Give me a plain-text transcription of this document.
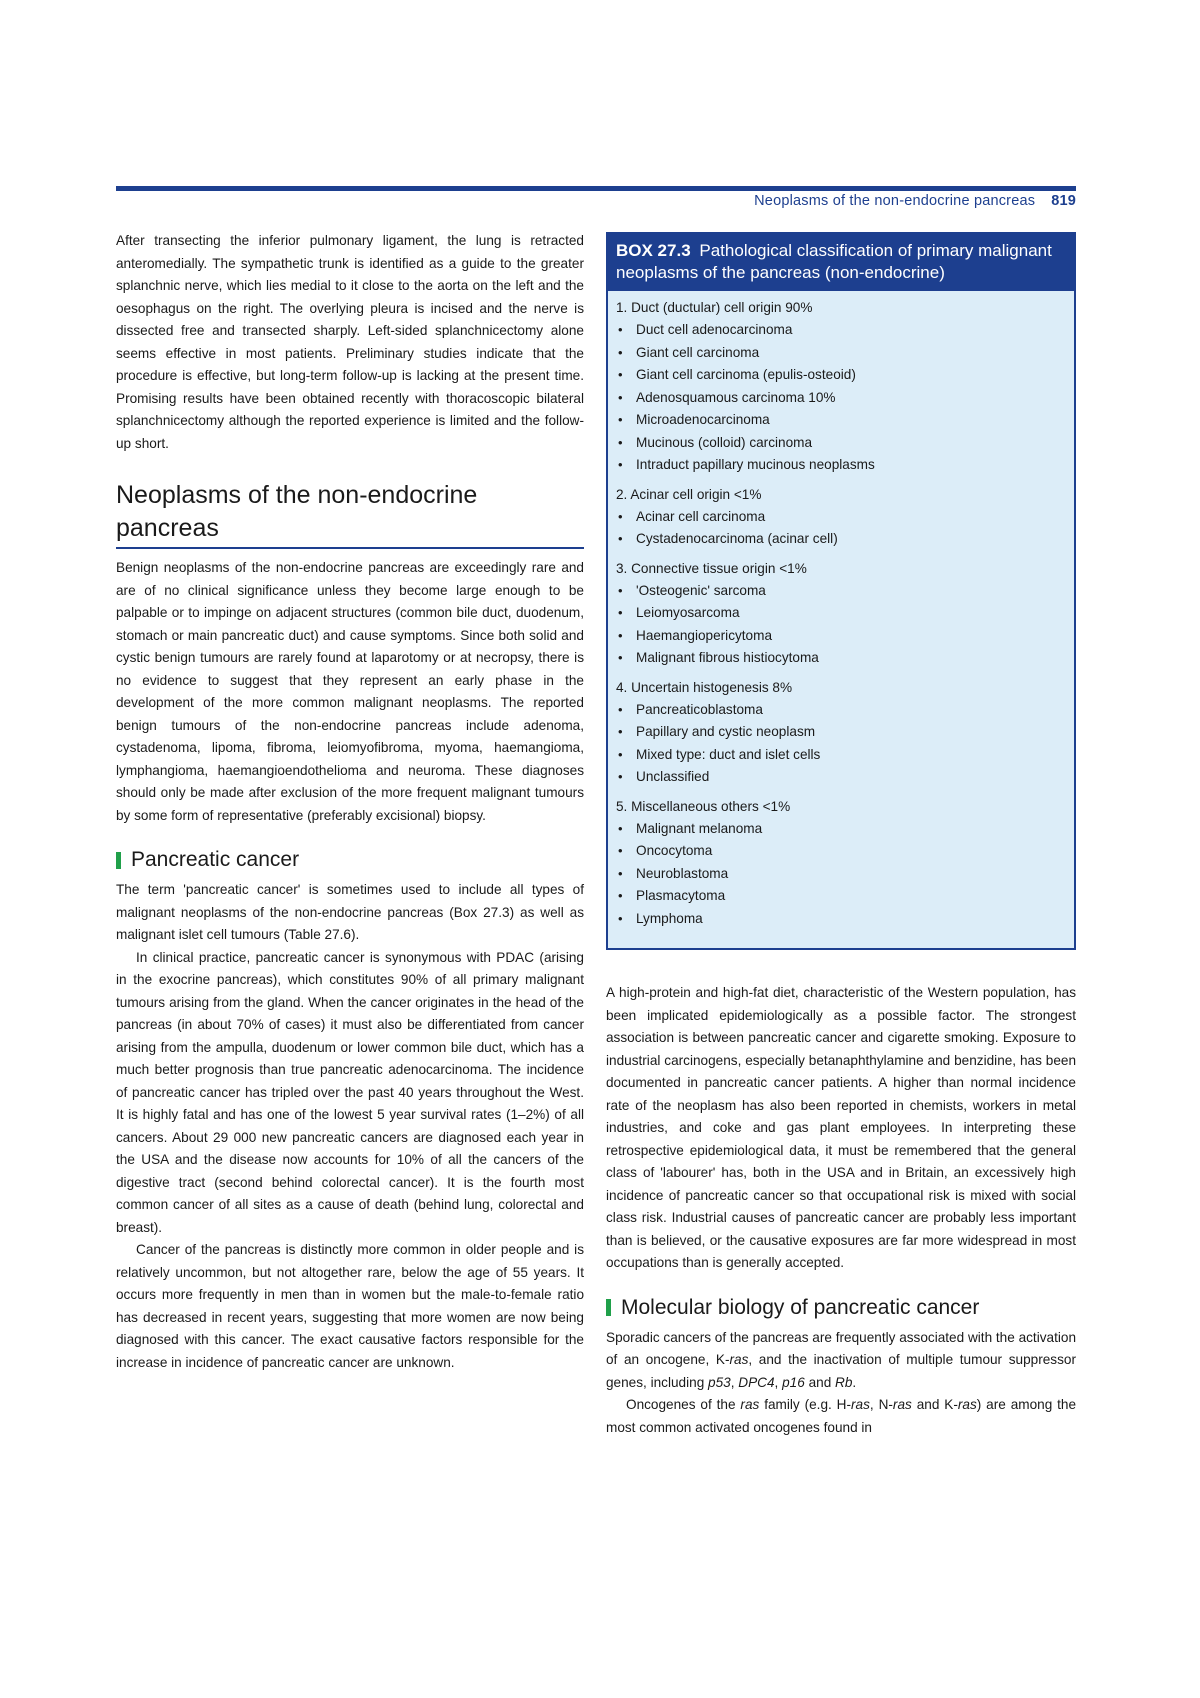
Neoplasms of the non-endocrine pancreas 819

After transecting the inferior pulmonary ligament, the lung is retracted anteromedially. The sympathetic trunk is identified as a guide to the greater splanchnic nerve, which lies medial to it close to the aorta on the left and the oesophagus on the right. The overlying pleura is incised and the nerve is dissected free and transected sharply. Left-sided splanchnicectomy alone seems effective in most patients. Preliminary studies indicate that the procedure is effective, but long-term follow-up is lacking at the present time. Promising results have been obtained recently with thoracoscopic bilateral splanchnicectomy although the reported experience is limited and the follow-up short.

Neoplasms of the non-endocrine pancreas

Benign neoplasms of the non-endocrine pancreas are exceedingly rare and are of no clinical significance unless they become large enough to be palpable or to impinge on adjacent structures (common bile duct, duodenum, stomach or main pancreatic duct) and cause symptoms. Since both solid and cystic benign tumours are rarely found at laparotomy or at necropsy, there is no evidence to suggest that they represent an early phase in the development of the more common malignant neoplasms. The reported benign tumours of the non-endocrine pancreas include adenoma, cystadenoma, lipoma, fibroma, leiomyofibroma, myoma, haemangioma, lymphangioma, haemangioendothelioma and neuroma. These diagnoses should only be made after exclusion of the more frequent malignant tumours by some form of representative (preferably excisional) biopsy.

Pancreatic cancer

The term 'pancreatic cancer' is sometimes used to include all types of malignant neoplasms of the non-endocrine pancreas (Box 27.3) as well as malignant islet cell tumours (Table 27.6).

In clinical practice, pancreatic cancer is synonymous with PDAC (arising in the exocrine pancreas), which constitutes 90% of all primary malignant tumours arising from the gland. When the cancer originates in the head of the pancreas (in about 70% of cases) it must also be differentiated from cancer arising from the ampulla, duodenum or lower common bile duct, which has a much better prognosis than true pancreatic adenocarcinoma. The incidence of pancreatic cancer has tripled over the past 40 years throughout the West. It is highly fatal and has one of the lowest 5 year survival rates (1–2%) of all cancers. About 29 000 new pancreatic cancers are diagnosed each year in the USA and the disease now accounts for 10% of all the cancers of the digestive tract (second behind colorectal cancer). It is the fourth most common cancer of all sites as a cause of death (behind lung, colorectal and breast).

Cancer of the pancreas is distinctly more common in older people and is relatively uncommon, but not altogether rare, below the age of 55 years. It occurs more frequently in men than in women but the male-to-female ratio has decreased in recent years, suggesting that more women are now being diagnosed with this cancer. The exact causative factors responsible for the increase in incidence of pancreatic cancer are unknown.

BOX 27.3 Pathological classification of primary malignant neoplasms of the pancreas (non-endocrine)
1. Duct (ductular) cell origin 90%
• Duct cell adenocarcinoma
• Giant cell carcinoma
• Giant cell carcinoma (epulis-osteoid)
• Adenosquamous carcinoma 10%
• Microadenocarcinoma
• Mucinous (colloid) carcinoma
• Intraduct papillary mucinous neoplasms
2. Acinar cell origin <1%
• Acinar cell carcinoma
• Cystadenocarcinoma (acinar cell)
3. Connective tissue origin <1%
• 'Osteogenic' sarcoma
• Leiomyosarcoma
• Haemangiopericytoma
• Malignant fibrous histiocytoma
4. Uncertain histogenesis 8%
• Pancreaticoblastoma
• Papillary and cystic neoplasm
• Mixed type: duct and islet cells
• Unclassified
5. Miscellaneous others <1%
• Malignant melanoma
• Oncocytoma
• Neuroblastoma
• Plasmacytoma
• Lymphoma

A high-protein and high-fat diet, characteristic of the Western population, has been implicated epidemiologically as a possible factor. The strongest association is between pancreatic cancer and cigarette smoking. Exposure to industrial carcinogens, especially betanaphthylamine and benzidine, has been documented in pancreatic cancer patients. A higher than normal incidence rate of the neoplasm has also been reported in chemists, workers in metal industries, and coke and gas plant employees. In interpreting these retrospective epidemiological data, it must be remembered that the general class of 'labourer' has, both in the USA and in Britain, an excessively high incidence of pancreatic cancer so that occupational risk is mixed with social class risk. Industrial causes of pancreatic cancer are probably less important than is believed, or the causative exposures are far more widespread in most occupations than is generally accepted.

Molecular biology of pancreatic cancer

Sporadic cancers of the pancreas are frequently associated with the activation of an oncogene, K-ras, and the inactivation of multiple tumour suppressor genes, including p53, DPC4, p16 and Rb.

Oncogenes of the ras family (e.g. H-ras, N-ras and K-ras) are among the most common activated oncogenes found in
